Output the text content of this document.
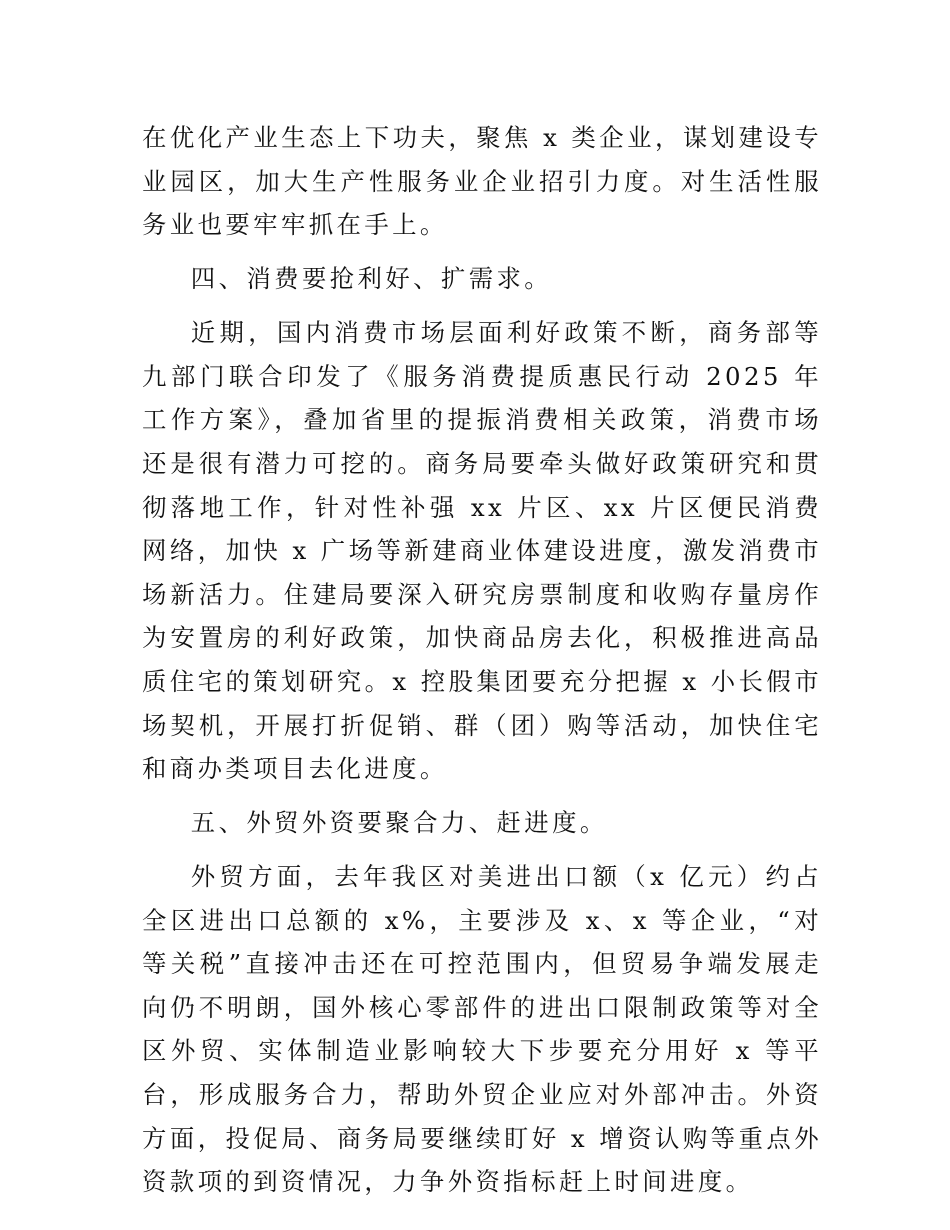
在优化产业生态上下功夫，聚焦 x 类企业，谋划建设专业园区，加大生产性服务业企业招引力度。对生活性服务业也要牢牢抓在手上。

四、消费要抢利好、扩需求。

近期，国内消费市场层面利好政策不断，商务部等九部门联合印发了《服务消费提质惠民行动 2025 年工作方案》，叠加省里的提振消费相关政策，消费市场还是很有潜力可挖的。商务局要牵头做好政策研究和贯彻落地工作，针对性补强 xx 片区、xx 片区便民消费网络，加快 x 广场等新建商业体建设进度，激发消费市场新活力。住建局要深入研究房票制度和收购存量房作为安置房的利好政策，加快商品房去化，积极推进高品质住宅的策划研究。x 控股集团要充分把握 x 小长假市场契机，开展打折促销、群（团）购等活动，加快住宅和商办类项目去化进度。

五、外贸外资要聚合力、赶进度。

外贸方面，去年我区对美进出口额（x 亿元）约占全区进出口总额的 x%，主要涉及 x、x 等企业，“对等关税”直接冲击还在可控范围内，但贸易争端发展走向仍不明朗，国外核心零部件的进出口限制政策等对全区外贸、实体制造业影响较大下步要充分用好 x 等平台，形成服务合力，帮助外贸企业应对外部冲击。外资方面，投促局、商务局要继续盯好 x 增资认购等重点外资款项的到资情况，力争外资指标赶上时间进度。
